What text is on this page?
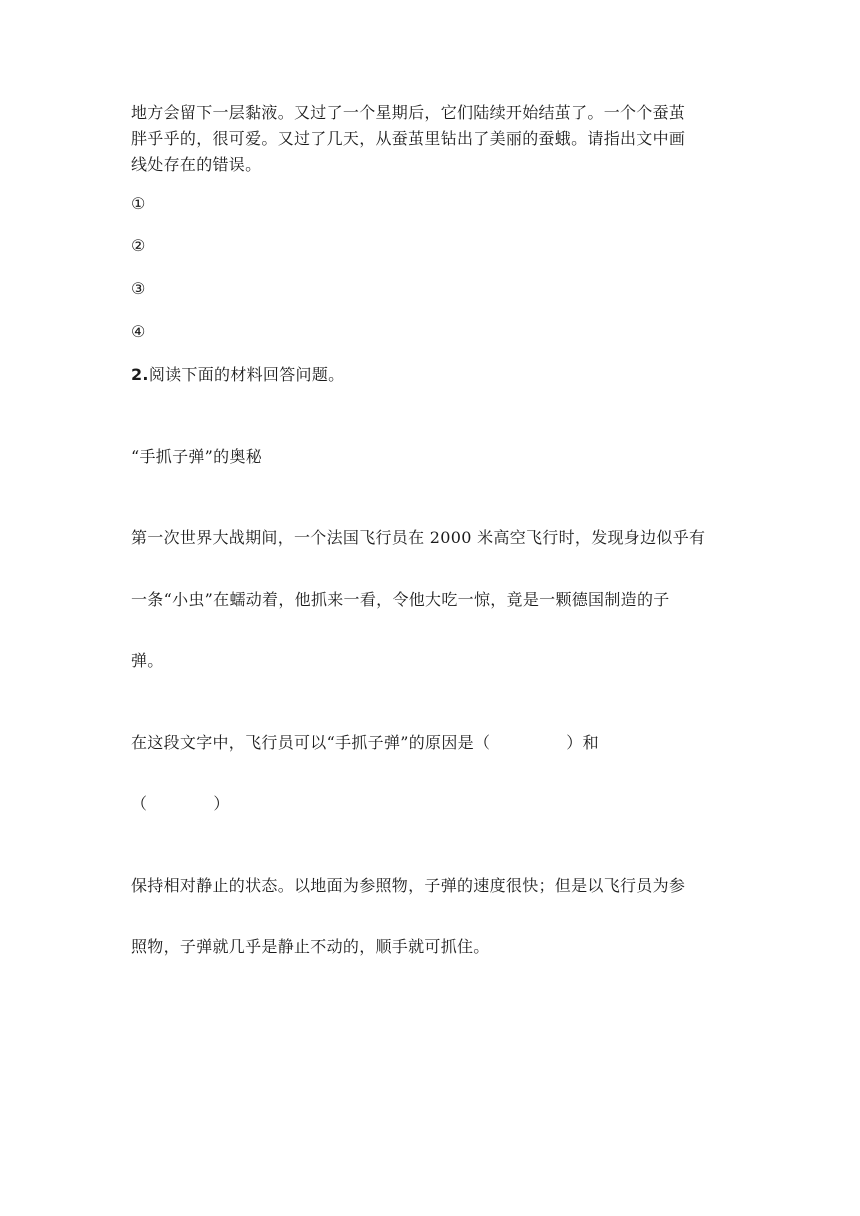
地方会留下一层黏液。又过了一个星期后，它们陆续开始结茧了。一个个蚕茧
胖乎乎的，很可爱。又过了几天，从蚕茧里钻出了美丽的蚕蛾。请指出文中画
线处存在的错误。
①
②
③
④
2.阅读下面的材料回答问题。
“手抓子弹”的奥秘
第一次世界大战期间，一个法国飞行员在 2000 米高空飞行时，发现身边似乎有
一条“小虫”在蠕动着，他抓来一看，令他大吃一惊，竟是一颗德国制造的子
弹。
在这段文字中，飞行员可以“手抓子弹”的原因是（	）和
（	）
保持相对静止的状态。以地面为参照物，子弹的速度很快；但是以飞行员为参
照物，子弹就几乎是静止不动的，顺手就可抓住。
